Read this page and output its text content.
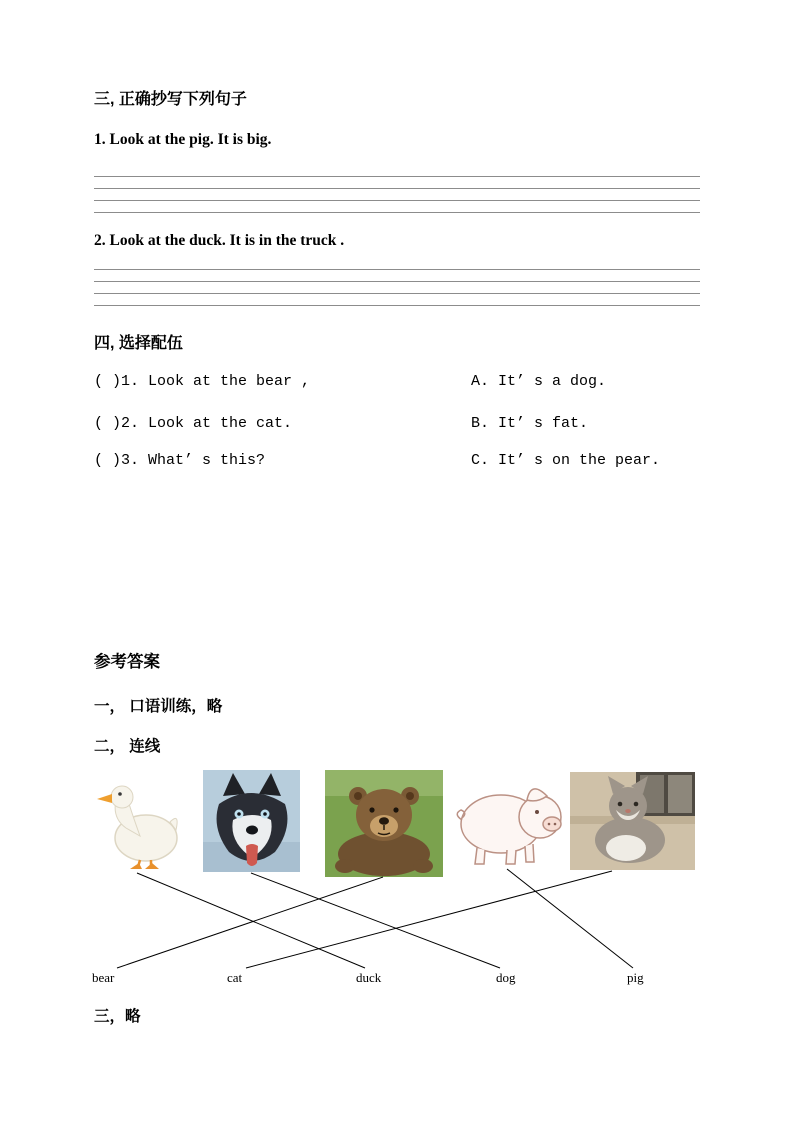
三, 正确抄写下列句子
1. Look at the pig. It is big.
2. Look at the duck. It is in the truck .
四, 选择配伍
( )1. Look at the bear ,	A. It’ s a dog.
( )2. Look at the cat.	B. It’ s fat.
( )3. What’ s this?	C. It’ s on the pear.
参考答案
一， 口语训练，略
二， 连线
bear	cat	duck	dog	pig
三，略
